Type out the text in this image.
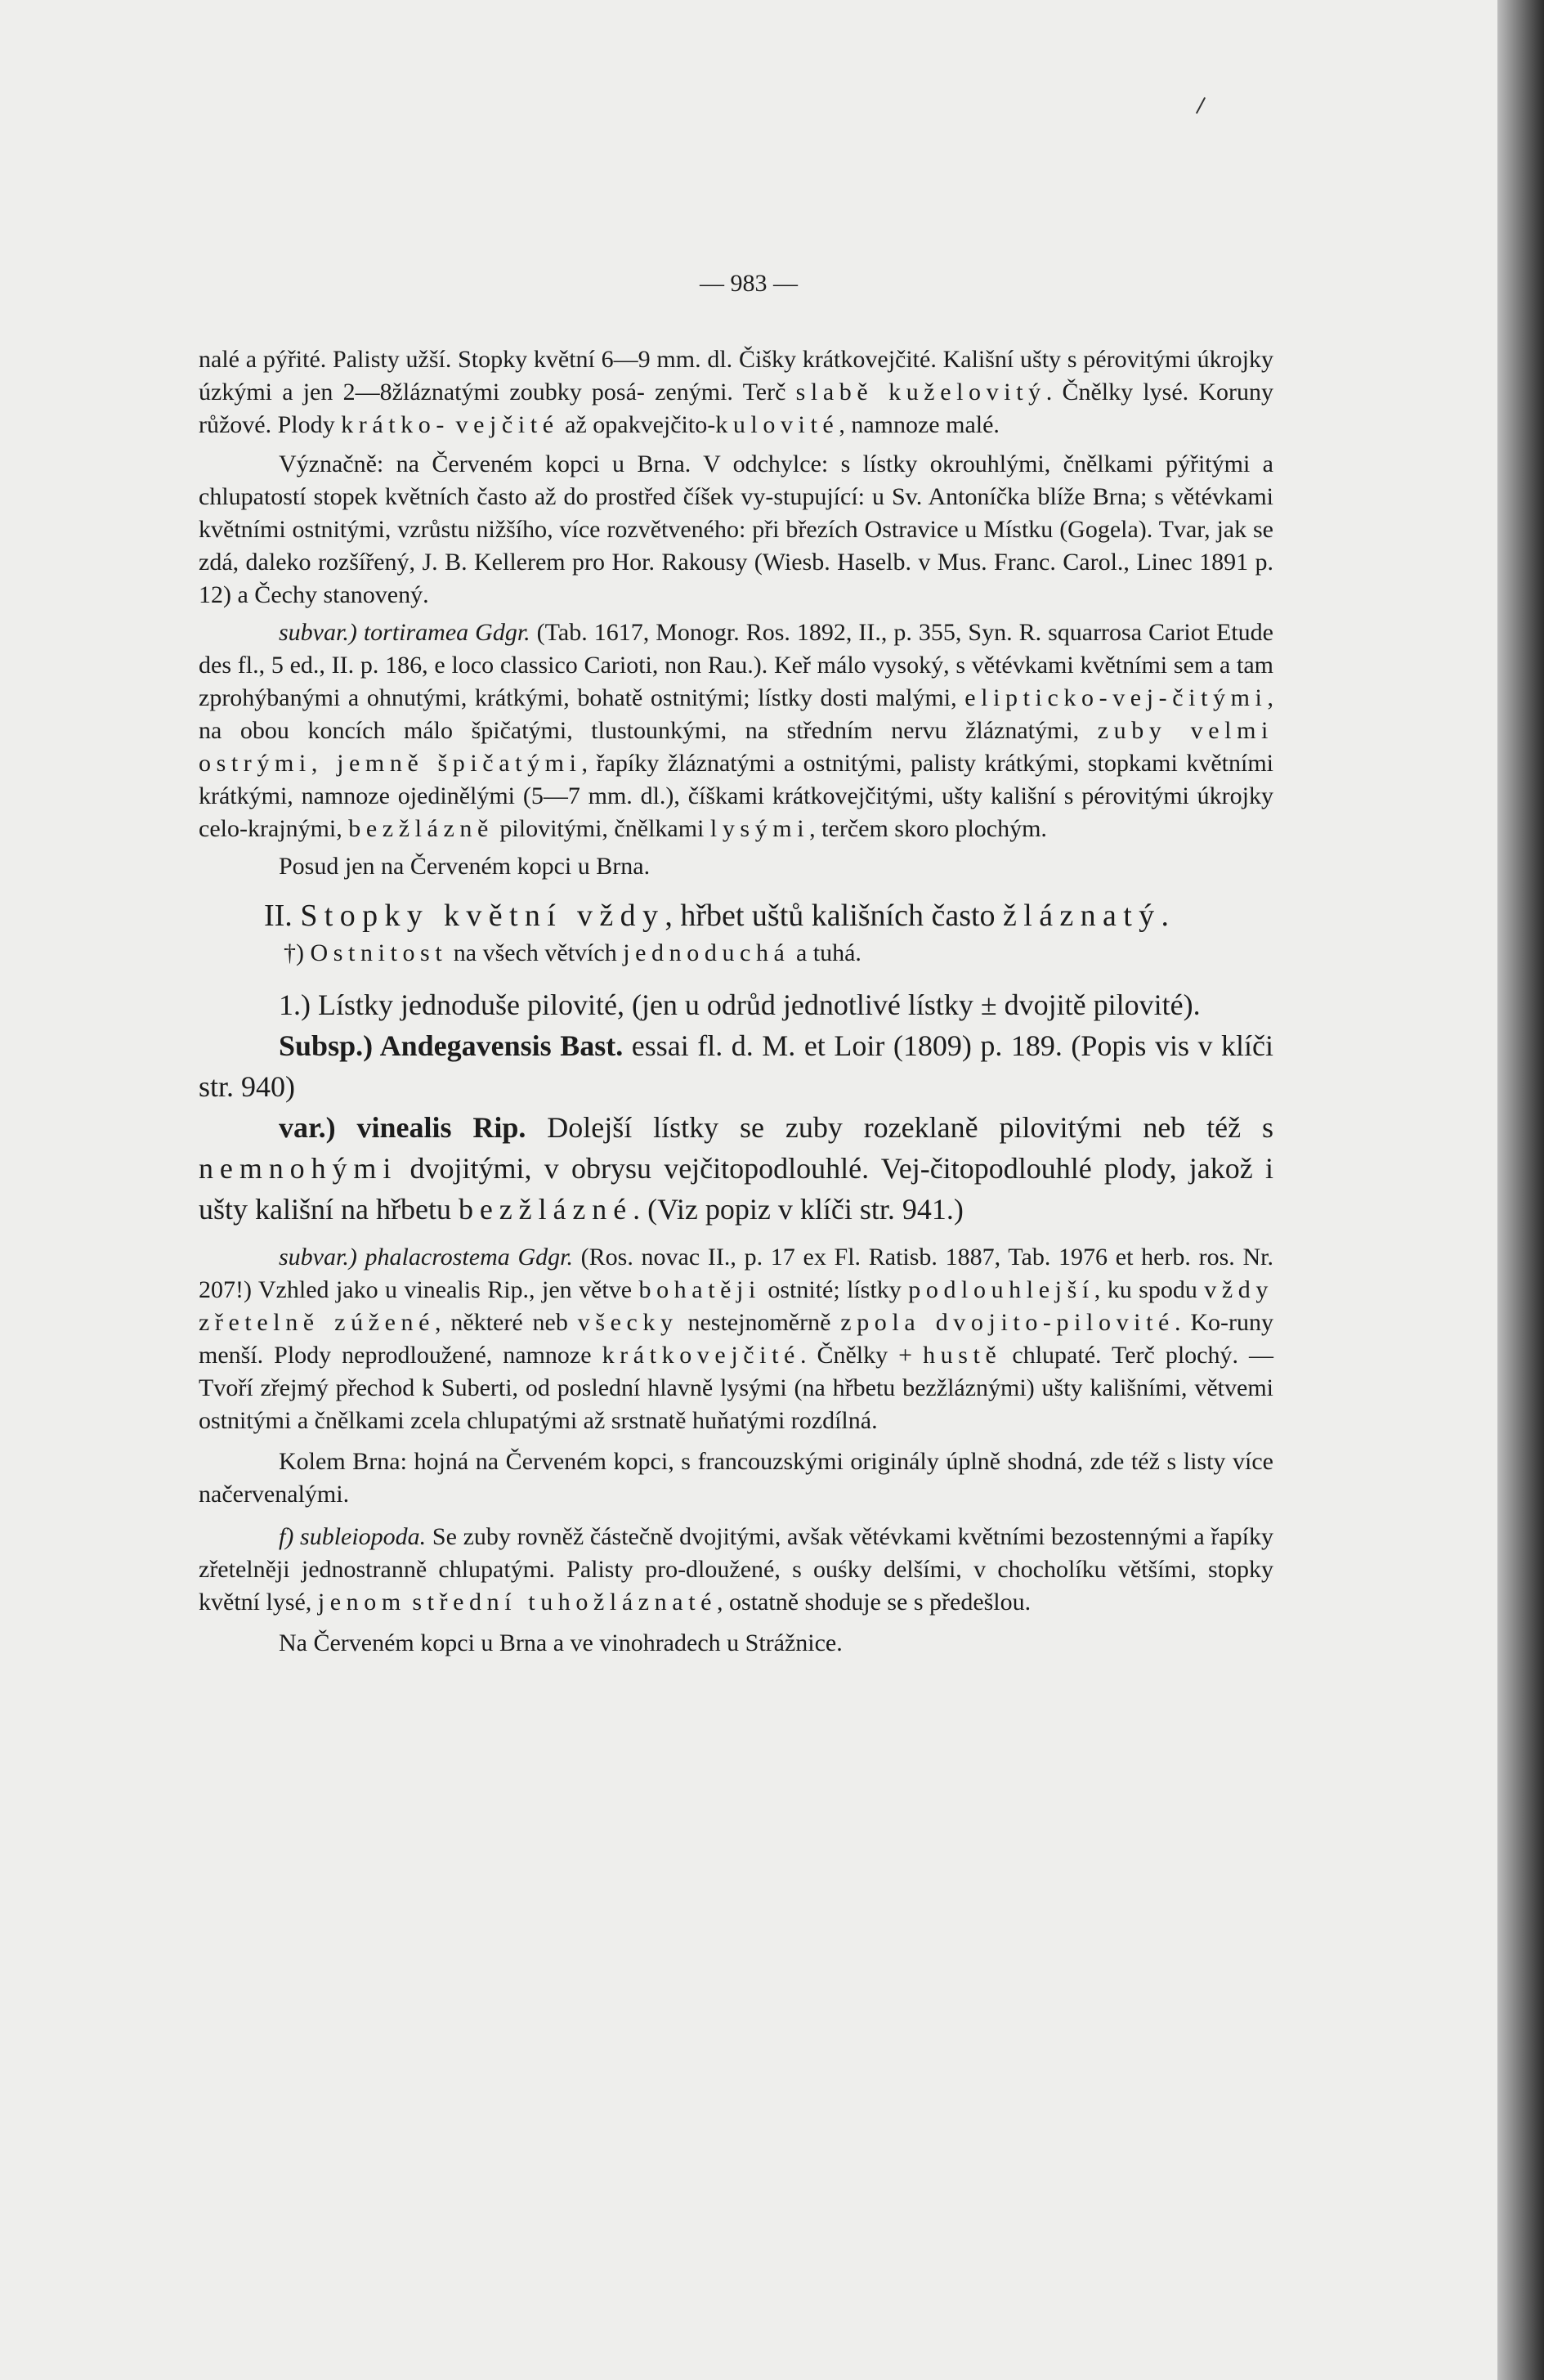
— 983 —

nalé a pýřité. Palisty užší. Stopky květní 6—9 mm. dl. Čišky krátkovejčité. Kališní ušty s pérovitými úkrojky úzkými a jen 2—8žláznatými zoubky posá- zenými. Terč slabě kuželovitý. Čnělky lysé. Koruny růžové. Plody krátko- vejčité až opakvejčito-kulovité, namnoze malé.

Význačně: na Červeném kopci u Brna. V odchylce: s lístky okrouhlými, čnělkami pýřitými a chlupatostí stopek květních často až do prostřed číšek vy-stupující: u Sv. Antoníčka blíže Brna; s větévkami květními ostnitými, vzrůstu nižšího, více rozvětveného: při březích Ostravice u Místku (Gogela). Tvar, jak se zdá, daleko rozšířený, J. B. Kellerem pro Hor. Rakousy (Wiesb. Haselb. v Mus. Franc. Carol., Linec 1891 p. 12) a Čechy stanovený.

subvar.) tortiramea Gdgr. (Tab. 1617, Monogr. Ros. 1892, II., p. 355, Syn. R. squarrosa Cariot Etude des fl., 5 ed., II. p. 186, e loco classico Carioti, non Rau.). Keř málo vysoký, s větévkami květními sem a tam zprohýbanými a ohnutými, krátkými, bohatě ostnitými; lístky dosti malými, elipticko-vej-čitými, na obou koncích málo špičatými, tlustounkými, na středním nervu žláznatými, zuby velmi ostrými, jemně špičatými, řapíky žláznatými a ostnitými, palisty krátkými, stopkami květními krátkými, namnoze ojedinělými (5—7 mm. dl.), číškami krátkovejčitými, ušty kališní s pérovitými úkrojky celo-krajnými, bezžlázně pilovitými, čnělkami lysými, terčem skoro plochým.

Posud jen na Červeném kopci u Brna.

II. Stopky květní vždy, hřbet uštů kališních často žláznatý.

†) Ostnitost na všech větvích jednoduchá a tuhá.

1.) Lístky jednoduše pilovité, (jen u odrůd jednotlivé lístky ± dvojitě pilovité).

Subsp.) Andegavensis Bast. essai fl. d. M. et Loir (1809) p. 189. (Popis vis v klíči str. 940)

var.) vinealis Rip. Dolejší lístky se zuby rozeklaně pilovitými neb též s nemnohými dvojitými, v obrysu vejčitopodlouhlé. Vej-čitopodlouhlé plody, jakož i ušty kališní na hřbetu bezžlázné. (Viz popiz v klíči str. 941.)

subvar.) phalacrostema Gdgr. (Ros. novac II., p. 17 ex Fl. Ratisb. 1887, Tab. 1976 et herb. ros. Nr. 207!) Vzhled jako u vinealis Rip., jen větve bohatěji ostnité; lístky podlouhlejší, ku spodu vždy zřetelně zúžené, některé neb všecky nestejnoměrně zpola dvojito-pilovité. Ko-runy menší. Plody neprodloužené, namnoze krátkovejčité. Čnělky + hustě chlupaté. Terč plochý. — Tvoří zřejmý přechod k Suberti, od poslední hlavně lysými (na hřbetu bezžláznými) ušty kališními, větvemi ostnitými a čnělkami zcela chlupatými až srstnatě huňatými rozdílná.

Kolem Brna: hojná na Červeném kopci, s francouzskými originály úplně shodná, zde též s listy více načervenalými.

f) subleiopoda. Se zuby rovněž částečně dvojitými, avšak větévkami květními bezostennými a řapíky zřetelněji jednostranně chlupatými. Palisty pro-dloužené, s ouśky delšími, v chocholíku většími, stopky květní lysé, jenom střední tuhožláznaté, ostatně shoduje se s předešlou.

Na Červeném kopci u Brna a ve vinohradech u Strážnice.
